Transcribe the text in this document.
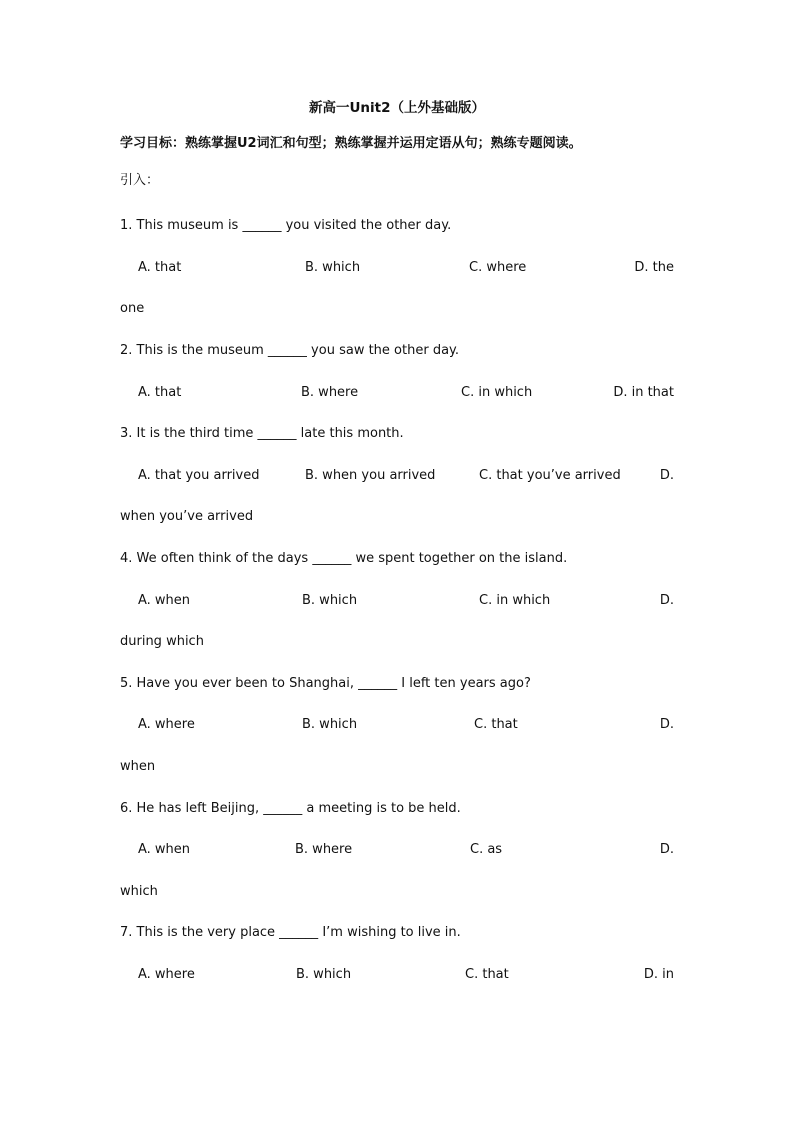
新高一Unit2（上外基础版）
学习目标：熟练掌握U2词汇和句型；熟练掌握并运用定语从句；熟练专题阅读。
引入：
1. This museum is ______ you visited the other day.
A. that	B. which	C. where	D. the
one
2. This is the museum ______ you saw the other day.
A. that	B. where	C. in which	D. in that
3. It is the third time ______ late this month.
A. that you arrived	B. when you arrived	C. that you’ve arrived	D.
when you’ve arrived
4. We often think of the days ______ we spent together on the island.
A. when	B. which	C. in which	D.
during which
5. Have you ever been to Shanghai, ______ I left ten years ago?
A. where	B. which	C. that	D.
when
6. He has left Beijing, ______ a meeting is to be held.
A. when	B. where	C. as	D.
which
7. This is the very place ______ I’m wishing to live in.
A. where	B. which	C. that	D. in
